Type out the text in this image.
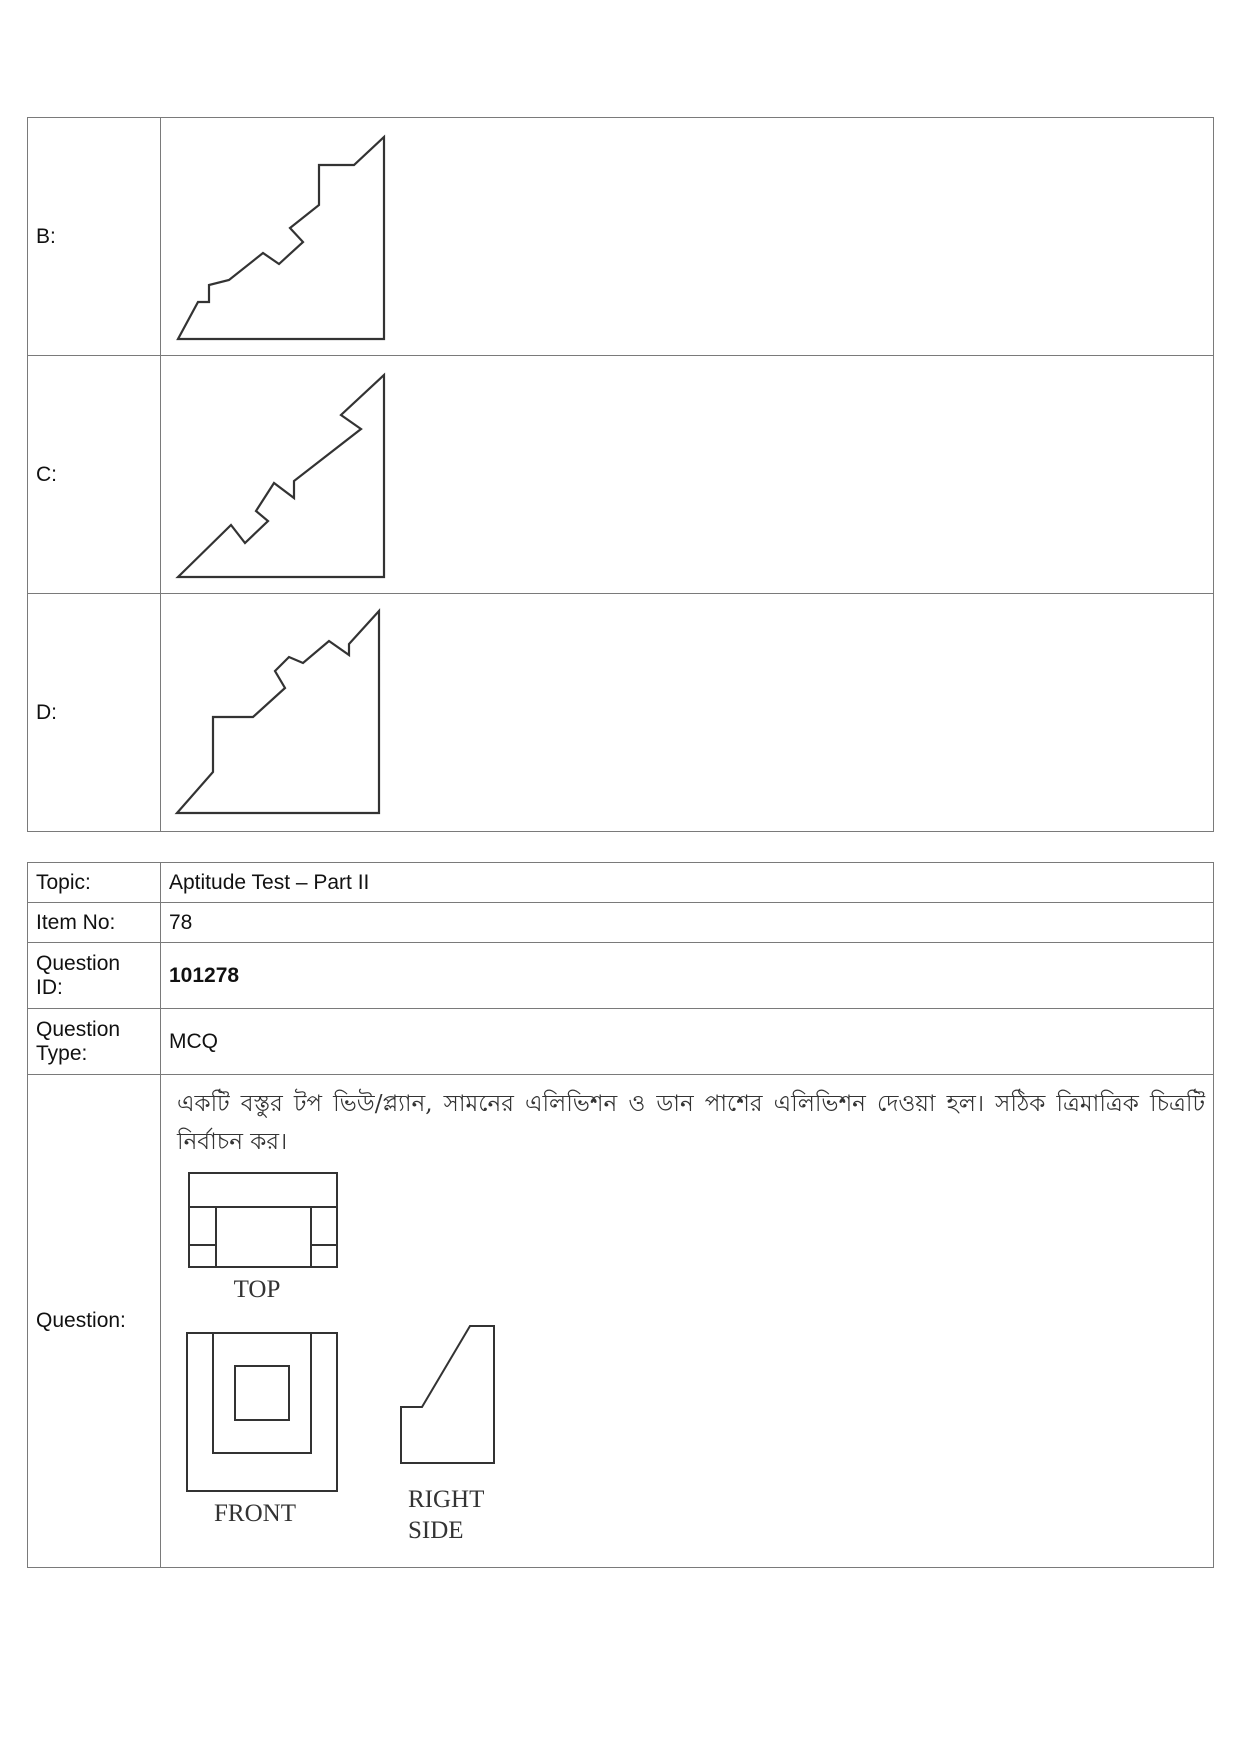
B:	

C:	

D:	
Topic:	Aptitude Test – Part II
Item No:	78
Question ID:	101278
Question Type:	MCQ
Question:	একটি বস্তুর টপ ভিউ/প্ল্যান, সামনের এলিভিশন ও ডান পাশের এলিভিশন দেওয়া হল। সঠিক ত্রিমাত্রিক চিত্রটি নির্বাচন কর।

TOP
FRONT
RIGHT
SIDE
